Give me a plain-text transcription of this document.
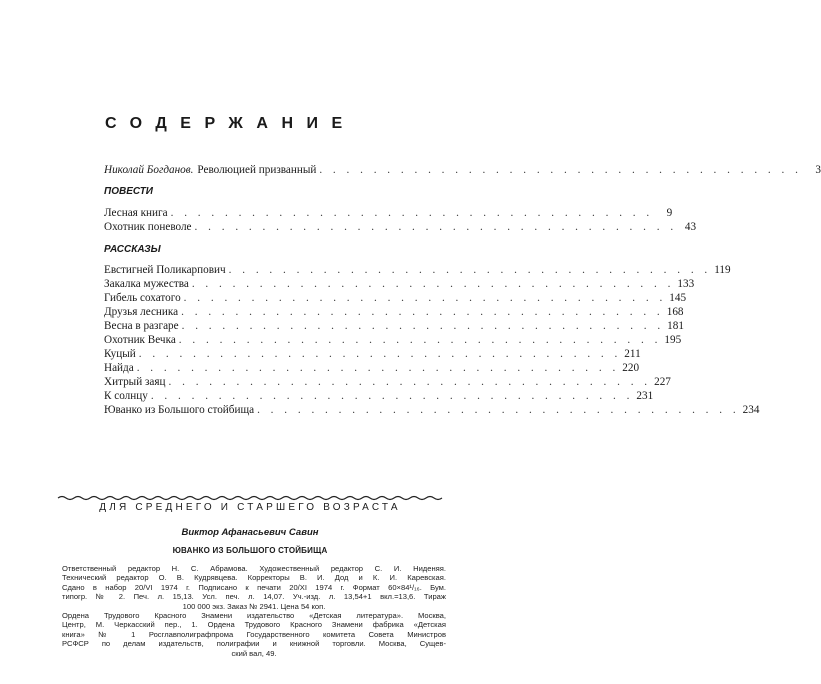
СОДЕРЖАНИЕ
Николай Богданов. Революцией призванный . . . . . . . . . . . . . . . . . . . . . . . . . . . . . . . . . . . .	3
ПОВЕСТИ
Лесная книга . . . . . . . . . . . . . . . . . . . . . . . . . . . . . . . . . . . .	9
Охотник поневоле . . . . . . . . . . . . . . . . . . . . . . . . . . . . . . . . . . . . 43
РАССКАЗЫ
Евстигней Поликарпович . . . . . . . . . . . . . . . . . . . . . . . . . . . . . . . . . . . . 119
Закалка мужества . . . . . . . . . . . . . . . . . . . . . . . . . . . . . . . . . . . . 133
Гибель сохатого . . . . . . . . . . . . . . . . . . . . . . . . . . . . . . . . . . . . 145
Друзья лесника . . . . . . . . . . . . . . . . . . . . . . . . . . . . . . . . . . . . 168
Весна в разгаре . . . . . . . . . . . . . . . . . . . . . . . . . . . . . . . . . . . . 181
Охотник Вечка . . . . . . . . . . . . . . . . . . . . . . . . . . . . . . . . . . . . 195
Куцый . . . . . . . . . . . . . . . . . . . . . . . . . . . . . . . . . . . . 211
Найда . . . . . . . . . . . . . . . . . . . . . . . . . . . . . . . . . . . . 220
Хитрый заяц . . . . . . . . . . . . . . . . . . . . . . . . . . . . . . . . . . . . 227
К солнцу . . . . . . . . . . . . . . . . . . . . . . . . . . . . . . . . . . . . 231
Юванко из Большого стойбища . . . . . . . . . . . . . . . . . . . . . . . . . . . . . . . . . . . . 234
ДЛЯ СРЕДНЕГО И СТАРШЕГО ВОЗРАСТА
Виктор Афанасьевич Савин
ЮВАНКО ИЗ БОЛЬШОГО СТОЙБИЩА
Ответственный редактор Н. С. Абрамова. Художественный редактор С. И. Ниденяя.
Технический редактор О. В. Кудрявцева. Корректоры В. И. Дод и К. И. Каревская.
Сдано в набор 20/VI 1974 г. Подписано к печати 20/XI 1974 г. Формат 60×84¹/₁₆. Бум.
типогр. № 2. Печ. л. 15,13. Усл. печ. л. 14,07. Уч.-изд. л. 13,54+1 вкл.=13,6. Тираж
100 000 экз. Заказ № 2941. Цена 54 коп.
Ордена Трудового Красного Знамени издательство «Детская литература». Москва,
Центр, М. Черкасский пер., 1. Ордена Трудового Красного Знамени фабрика «Детская
книга» № 1 Росглавполиграфпрома Государственного комитета Совета Министров
РСФСР по делам издательств, полиграфии и книжной торговли. Москва, Сущев-
ский вал, 49.
